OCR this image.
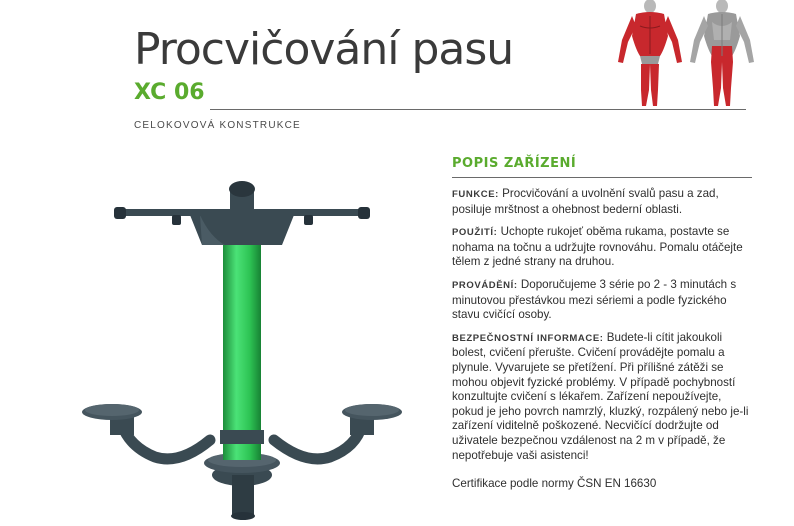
Procvičování pasu
XC 06
CELOKOVOVÁ KONSTRUKCE
POPIS ZAŘÍZENÍ

FUNKCE: Procvičování a uvolnění svalů pasu a zad, posiluje mrštnost a ohebnost bederní oblasti.

POUŽITÍ: Uchopte rukojeť oběma rukama, postavte se nohama na točnu a udržujte rovnováhu. Pomalu otáčejte tělem z jedné strany na druhou.

PROVÁDĚNÍ: Doporučujeme 3 série po 2 - 3 minutách s minutovou přestávkou mezi sériemi a podle fyzického stavu cvičící osoby.

BEZPEČNOSTNÍ INFORMACE: Budete-li cítit jakoukoli bolest, cvičení přerušte. Cvičení provádějte pomalu a plynule. Vyvarujete se přetížení. Při přílišné zátěži se mohou objevit fyzické problémy. V případě pochybností konzultujte cvičení s lékařem. Zařízení nepoužívejte, pokud je jeho povrch namrzlý, kluzký, rozpálený nebo je-li zařízení viditelně poškozené. Necvičící dodržujte od uživatele bezpečnou vzdálenost na 2 m v případě, že nepotřebuje vaši asistenci!

Certifikace podle normy ČSN EN 16630
